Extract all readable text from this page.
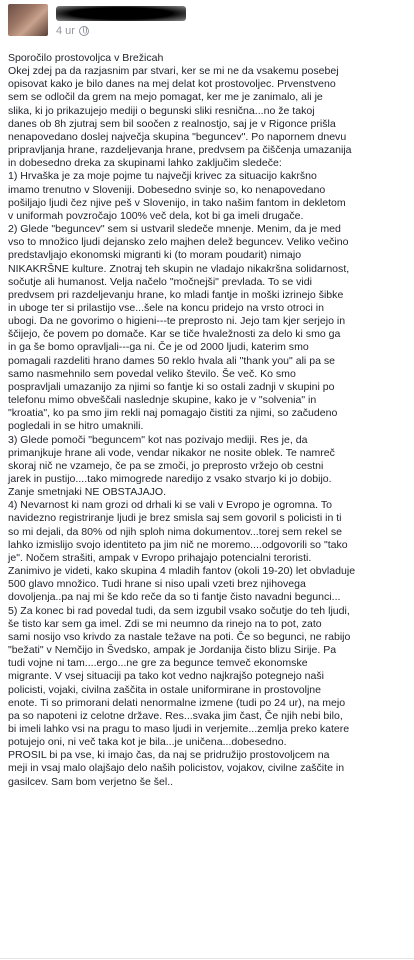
4 ur
Sporočilo prostovoljca v Brežicah

Okej zdej pa da razjasnim par stvari, ker se mi ne da vsakemu posebej
opisovat kako je bilo danes na mej delat kot prostovoljec. Prvenstveno
sem se odločil da grem na mejo pomagat, ker me je zanimalo, ali je
slika, ki jo prikazujejo mediji o begunski sliki resnična...no že takoj
danes ob 8h zjutraj sem bil soočen z realnostjo, saj je v Rigonce prišla
nenapovedano doslej največja skupina "beguncev". Po napornem dnevu
pripravljanja hrane, razdeljevanja hrane, predvsem pa čiščenja umazanija
in dobesedno dreka za skupinami lahko zaključim sledeče:
1) Hrvaška je za moje pojme tu največji krivec za situacijo kakršno
imamo trenutno v Sloveniji. Dobesedno svinje so, ko nenapovedano
pošiljajo ljudi čez njive peš v Slovenijo, in tako našim fantom in dekletom
v uniformah povzročajo 100% več dela, kot bi ga imeli drugače.
2) Glede "beguncev" sem si ustvaril sledeče mnenje. Menim, da je med
vso to množico ljudi dejansko zelo majhen delež beguncev. Veliko večino
predstavljajo ekonomski migranti ki (to moram poudarit) nimajo
NIKAKRŠNE kulture. Znotraj teh skupin ne vladajo nikakršna solidarnost,
sočutje ali humanost. Velja načelo "močnejši" prevlada. To se vidi
predvsem pri razdeljevanju hrane, ko mladi fantje in moški izrinejo šibke
in uboge ter si prilastijo vse...šele na koncu pridejo na vrsto otroci in
ubogi. Da ne govorimo o higieni---te preprosto ni. Jejo tam kjer serjejo in
ščijejo, če povem po domače. Kar se tiče hvaležnosti za delo ki smo ga
in ga še bomo opravljali---ga ni. Če je od 2000 ljudi, katerim smo
pomagali razdeliti hrano dames 50 reklo hvala ali "thank you" ali pa se
samo nasmehnilo sem povedal veliko število. Še več. Ko smo
pospravljali umazanijo za njimi so fantje ki so ostali zadnji v skupini po
telefonu mimo obveščali naslednje skupine, kako je v "solvenia" in
"kroatia", ko pa smo jim rekli naj pomagajo čistiti za njimi, so začudeno
pogledali in se hitro umaknili.
3) Glede pomoči "beguncem" kot nas pozivajo mediji. Res je, da
primanjkuje hrane ali vode, vendar nikakor ne nosite oblek. Te namreč
skoraj nič ne vzamejo, če pa se zmoči, jo preprosto vržejo ob cestni
jarek in pustijo....tako mimogrede naredijo z vsako stvarjo ki jo dobijo.
Zanje smetnjaki NE OBSTAJAJO.
4) Nevarnost ki nam grozi od drhali ki se vali v Evropo je ogromna. To
navidezno registriranje ljudi je brez smisla saj sem govoril s policisti in ti
so mi dejali, da 80% od njih sploh nima dokumentov...torej sem rekel se
lahko izmislijo svojo identiteto pa jim nič ne moremo....odgovorili so "tako
je". Nočem strašiti, ampak v Evropo prihajajo potencialni teroristi.
Zanimivo je videti, kako skupina 4 mladih fantov (okoli 19-20) let obvladuje
500 glavo množico. Tudi hrane si niso upali vzeti brez njihovega
dovoljenja..pa naj mi še kdo reče da so ti fantje čisto navadni begunci...
5) Za konec bi rad povedal tudi, da sem izgubil vsako sočutje do teh ljudi,
še tisto kar sem ga imel. Zdi se mi neumno da rinejo na to pot, zato
sami nosijo vso krivdo za nastale težave na poti. Če so begunci, ne rabijo
"bežati" v Nemčijo in Švedsko, ampak je Jordanija čisto blizu Sirije. Pa
tudi vojne ni tam....ergo...ne gre za begunce temveč ekonomske
migrante. V vsej situaciji pa tako kot vedno najkrajšo potegnejo naši
policisti, vojaki, civilna zaščita in ostale uniformirane in prostovoljne
enote. Ti so primorani delati nenormalne izmene (tudi po 24 ur), na mejo
pa so napoteni iz celotne države. Res...svaka jim čast, Če njih nebi bilo,
bi imeli lahko vsi na pragu to maso ljudi in verjemite...zemlja preko katere
potujejo oni, ni več taka kot je bila...je uničena...dobesedno.
PROSIL bi pa vse, ki imajo čas, da naj se pridružijo prostovoljcem na
meji in vsaj malo olajšajo delo naših policistov, vojakov, civilne zaščite in
gasilcev. Sam bom verjetno še šel..
